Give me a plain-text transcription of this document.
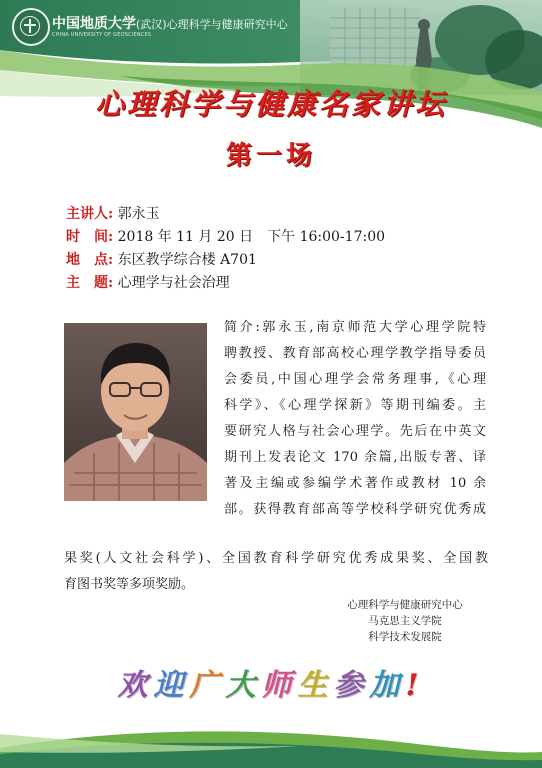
中国地质大学(武汉)心理科学与健康研究中心
CHINA UNIVERSITY OF GEOSCIENCES
心理科学与健康名家讲坛
第一场
主讲人: 郭永玉
时　间: 2018 年 11 月 20 日　下午 16:00-17:00
地　点: 东区教学综合楼 A701
主　题: 心理学与社会治理
简介:郭永玉,南京师范大学心理学院特
聘教授、教育部高校心理学教学指导委员
会委员,中国心理学会常务理事,《心理
科学》、《心理学探新》等期刊编委。主
要研究人格与社会心理学。先后在中英文
期刊上发表论文 170 余篇,出版专著、译
著及主编或参编学术著作或教材 10 余
部。获得教育部高等学校科学研究优秀成
果奖(人文社会科学)、全国教育科学研究优秀成果奖、全国教
育图书奖等多项奖励。
心理科学与健康研究中心
马克思主义学院
科学技术发展院
欢迎广大师生参加!
